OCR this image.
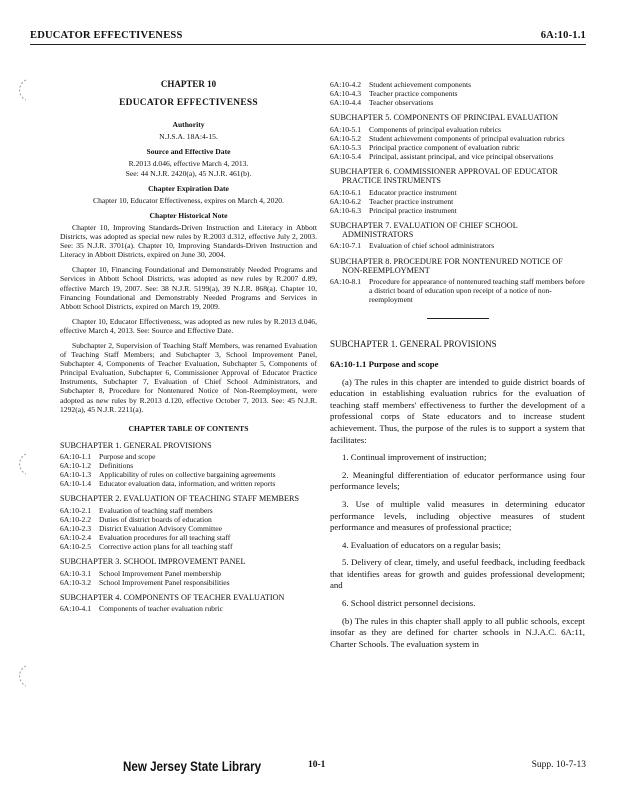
EDUCATOR EFFECTIVENESS	6A:10-1.1
CHAPTER 10
EDUCATOR EFFECTIVENESS
Authority
N.J.S.A. 18A:4-15.
Source and Effective Date
R.2013 d.046, effective March 4, 2013.
See: 44 N.J.R. 2420(a), 45 N.J.R. 461(b).
Chapter Expiration Date
Chapter 10, Educator Effectiveness, expires on March 4, 2020.
Chapter Historical Note
Chapter 10, Improving Standards-Driven Instruction and Literacy in Abbott Districts, was adopted as special new rules by R.2003 d.312, effective July 2, 2003. See: 35 N.J.R. 3701(a). Chapter 10, Improving Standards-Driven Instruction and Literacy in Abbott Districts, expired on June 30, 2004.
Chapter 10, Financing Foundational and Demonstrably Needed Programs and Services in Abbott School Districts, was adopted as new rules by R.2007 d.89, effective March 19, 2007. See: 38 N.J.R. 5199(a), 39 N.J.R. 868(a). Chapter 10, Financing Foundational and Demonstrably Needed Programs and Services in Abbott School Districts, expired on March 19, 2009.
Chapter 10, Educator Effectiveness, was adopted as new rules by R.2013 d.046, effective March 4, 2013. See: Source and Effective Date.
Subchapter 2, Supervision of Teaching Staff Members, was renamed Evaluation of Teaching Staff Members; and Subchapter 3, School Improvement Panel, Subchapter 4, Components of Teacher Evaluation, Subchapter 5, Components of Principal Evaluation, Subchapter 6, Commissioner Approval of Educator Practice Instruments, Subchapter 7, Evaluation of Chief School Administrators, and Subchapter 8, Procedure for Nontenured Notice of Non-Reemployment, were adopted as new rules by R.2013 d.120, effective October 7, 2013. See: 45 N.J.R. 1292(a), 45 N.J.R. 2211(a).
CHAPTER TABLE OF CONTENTS
SUBCHAPTER 1. GENERAL PROVISIONS
6A:10-1.1	Purpose and scope
6A:10-1.2	Definitions
6A:10-1.3	Applicability of rules on collective bargaining agreements
6A:10-1.4	Educator evaluation data, information, and written reports
SUBCHAPTER 2. EVALUATION OF TEACHING STAFF MEMBERS
6A:10-2.1	Evaluation of teaching staff members
6A:10-2.2	Duties of district boards of education
6A:10-2.3	District Evaluation Advisory Committee
6A:10-2.4	Evaluation procedures for all teaching staff
6A:10-2.5	Corrective action plans for all teaching staff
SUBCHAPTER 3. SCHOOL IMPROVEMENT PANEL
6A:10-3.1	School Improvement Panel membership
6A:10-3.2	School Improvement Panel responsibilities
SUBCHAPTER 4. COMPONENTS OF TEACHER EVALUATION
6A:10-4.1	Components of teacher evaluation rubric
6A:10-4.2	Student achievement components
6A:10-4.3	Teacher practice components
6A:10-4.4	Teacher observations
SUBCHAPTER 5. COMPONENTS OF PRINCIPAL EVALUATION
6A:10-5.1	Components of principal evaluation rubrics
6A:10-5.2	Student achievement components of principal evaluation rubrics
6A:10-5.3	Principal practice component of evaluation rubric
6A:10-5.4	Principal, assistant principal, and vice principal observations
SUBCHAPTER 6. COMMISSIONER APPROVAL OF EDUCATOR PRACTICE INSTRUMENTS
6A:10-6.1	Educator practice instrument
6A:10-6.2	Teacher practice instrument
6A:10-6.3	Principal practice instrument
SUBCHAPTER 7. EVALUATION OF CHIEF SCHOOL ADMINISTRATORS
6A:10-7.1	Evaluation of chief school administrators
SUBCHAPTER 8. PROCEDURE FOR NONTENURED NOTICE OF NON-REEMPLOYMENT
6A:10-8.1	Procedure for appearance of nontenured teaching staff members before a district board of education upon receipt of a notice of non-reemployment
SUBCHAPTER 1. GENERAL PROVISIONS
6A:10-1.1 Purpose and scope
(a) The rules in this chapter are intended to guide district boards of education in establishing evaluation rubrics for the evaluation of teaching staff members' effectiveness to further the development of a professional corps of State educators and to increase student achievement. Thus, the purpose of the rules is to support a system that facilitates:
1. Continual improvement of instruction;
2. Meaningful differentiation of educator performance using four performance levels;
3. Use of multiple valid measures in determining educator performance levels, including objective measures of student performance and measures of professional practice;
4. Evaluation of educators on a regular basis;
5. Delivery of clear, timely, and useful feedback, including feedback that identifies areas for growth and guides professional development; and
6. School district personnel decisions.
(b) The rules in this chapter shall apply to all public schools, except insofar as they are defined for charter schools in N.J.A.C. 6A:11, Charter Schools. The evaluation system in
New Jersey State Library	10-1	Supp. 10-7-13
